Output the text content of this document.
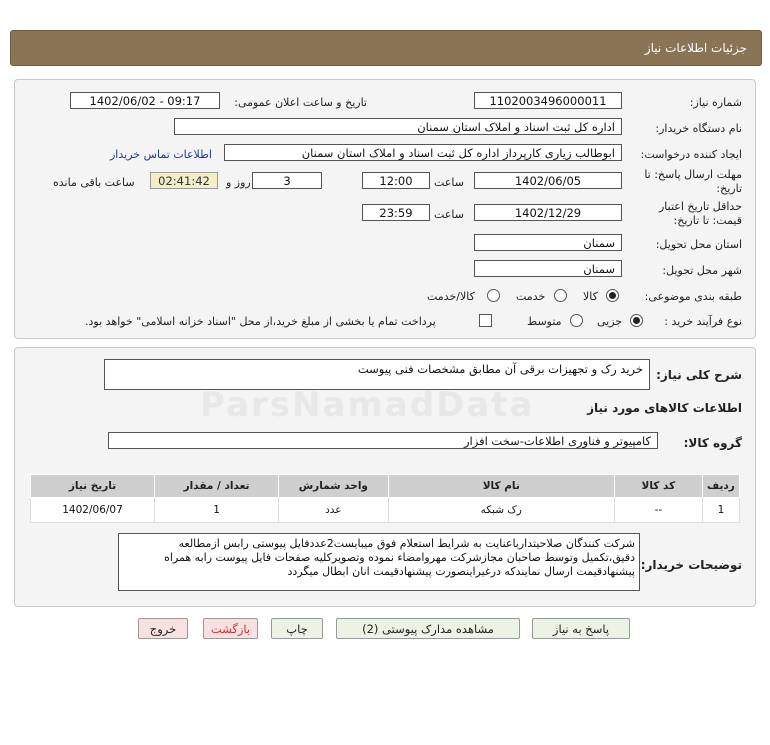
جزئیات اطلاعات نیاز
شماره نیاز:
1102003496000011
تاریخ و ساعت اعلان عمومی:
1402/06/02 - 09:17
نام دستگاه خریدار:
اداره کل ثبت اسناد و املاک استان سمنان
ایجاد کننده درخواست:
ابوطالب زیاری کارپرداز اداره کل ثبت اسناد و املاک استان سمنان
اطلاعات تماس خریدار
مهلت ارسال پاسخ: تا
تاریخ:
1402/06/05
ساعت
12:00
3
روز و
02:41:42
ساعت باقی مانده
حداقل تاریخ اعتبار
قیمت: تا تاریخ:
1402/12/29
ساعت
23:59
استان محل تحویل:
سمنان
شهر محل تحویل:
سمنان
طبقه بندی موضوعی:
کالا
خدمت
کالا/خدمت
نوع فرآیند خرید :
جزیی
متوسط
پرداخت تمام یا بخشی از مبلغ خرید،از محل "اسناد خزانه اسلامی" خواهد بود.
شرح کلی نیاز:
خرید رک و تجهیزات برقی آن مطابق مشخصات فنی پیوست
اطلاعات کالاهای مورد نیاز
گروه کالا:
کامپیوتر و فناوری اطلاعات-سخت افزار
ردیف	کد کالا	نام کالا	واحد شمارش	تعداد / مقدار	تاریخ نیاز
1	--	رک شبکه	عدد	1	1402/06/07
توضیحات خریدار:
شرکت کنندگان صلاحیتدارباعنایت به شرایط استعلام فوق میبایست2عددفایل پیوستی رابس ازمطالعه دقیق،تکمیل وتوسط صاحبان مجازشرکت مهروامضاء نموده وتصویرکلیه صفحات فایل پیوست رابه همراه پیشنهادقیمت ارسال نمایندکه درغیراینصورت پیشنهادقیمت انان ابطال میگردد
پاسخ به نیاز
مشاهده مدارک پیوستی (2)
چاپ
بازگشت
خروج
ParsNamadData
